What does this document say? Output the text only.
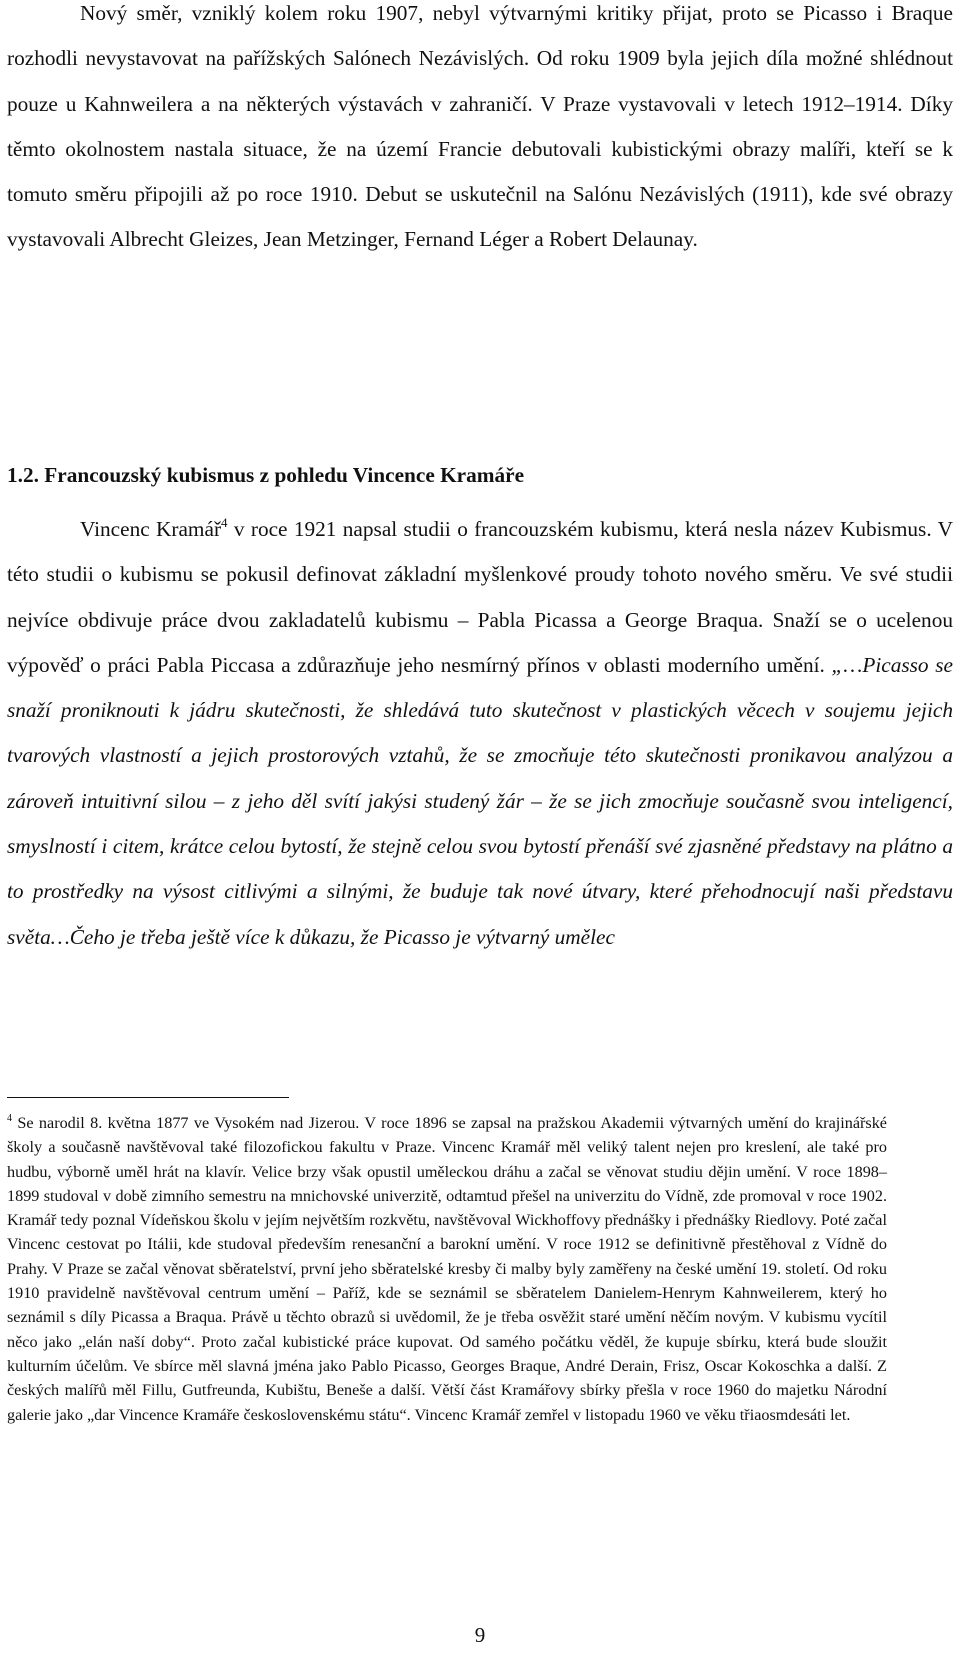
Nový směr, vzniklý kolem roku 1907, nebyl výtvarnými kritiky přijat, proto se Picasso i Braque rozhodli nevystavovat na pařížských Salónech Nezávislých. Od roku 1909 byla jejich díla možné shlédnout pouze u Kahnweilera a na některých výstavách v zahraničí. V Praze vystavovali v letech 1912–1914. Díky těmto okolnostem nastala situace, že na území Francie debutovali kubistickými obrazy malíři, kteří se k tomuto směru připojili až po roce 1910. Debut se uskutečnil na Salónu Nezávislých (1911), kde své obrazy vystavovali Albrecht Gleizes, Jean Metzinger, Fernand Léger a Robert Delaunay.

1.2. Francouzský kubismus z pohledu Vincence Kramáře

Vincenc Kramář$^4$ v roce 1921 napsal studii o francouzském kubismu, která nesla název Kubismus. V této studii o kubismu se pokusil definovat základní myšlenkové proudy tohoto nového směru. Ve své studii nejvíce obdivuje práce dvou zakladatelů kubismu – Pabla Picassa a George Braqua. Snaží se o ucelenou výpověď o práci Pabla Piccasa a zdůrazňuje jeho nesmírný přínos v oblasti moderního umění. „…Picasso se snaží proniknouti k jádru skutečnosti, že shledává tuto skutečnost v plastických věcech v soujemu jejich tvarových vlastností a jejich prostorových vztahů, že se zmocňuje této skutečnosti pronikavou analýzou a zároveň intuitivní silou – z jeho děl svítí jakýsi studený žár – že se jich zmocňuje současně svou inteligencí, smyslností i citem, krátce celou bytostí, že stejně celou svou bytostí přenáší své zjasněné představy na plátno a to prostředky na výsost citlivými a silnými, že buduje tak nové útvary, které přehodnocují naši představu světa…Čeho je třeba ještě více k důkazu, že Picasso je výtvarný umělec

$^4$ Se narodil 8. května 1877 ve Vysokém nad Jizerou. V roce 1896 se zapsal na pražskou Akademii výtvarných umění do krajinářské školy a současně navštěvoval také filozofickou fakultu v Praze. Vincenc Kramář měl veliký talent nejen pro kreslení, ale také pro hudbu, výborně uměl hrát na klavír. Velice brzy však opustil uměleckou dráhu a začal se věnovat studiu dějin umění. V roce 1898–1899 studoval v době zimního semestru na mnichovské univerzitě, odtamtud přešel na univerzitu do Vídně, zde promoval v roce 1902. Kramář tedy poznal Vídeňskou školu v jejím největším rozkvětu, navštěvoval Wickhoffovy přednášky i přednášky Riedlovy. Poté začal Vincenc cestovat po Itálii, kde studoval především renesanční a barokní umění. V roce 1912 se definitivně přestěhoval z Vídně do Prahy. V Praze se začal věnovat sběratelství, první jeho sběratelské kresby či malby byly zaměřeny na české umění 19. století. Od roku 1910 pravidelně navštěvoval centrum umění – Paříž, kde se seznámil se sběratelem Danielem-Henrym Kahnweilerem, který ho seznámil s díly Picassa a Braqua. Právě u těchto obrazů si uvědomil, že je třeba osvěžit staré umění něčím novým. V kubismu vycítil něco jako „elán naší doby“. Proto začal kubistické práce kupovat. Od samého počátku věděl, že kupuje sbírku, která bude sloužit kulturním účelům. Ve sbírce měl slavná jména jako Pablo Picasso, Georges Braque, André Derain, Frisz, Oscar Kokoschka a další. Z českých malířů měl Fillu, Gutfreunda, Kubištu, Beneše a další. Větší část Kramářovy sbírky přešla v roce 1960 do majetku Národní galerie jako „dar Vincence Kramáře československému státu“. Vincenc Kramář zemřel v listopadu 1960 ve věku třiaosmdesáti let.

9
